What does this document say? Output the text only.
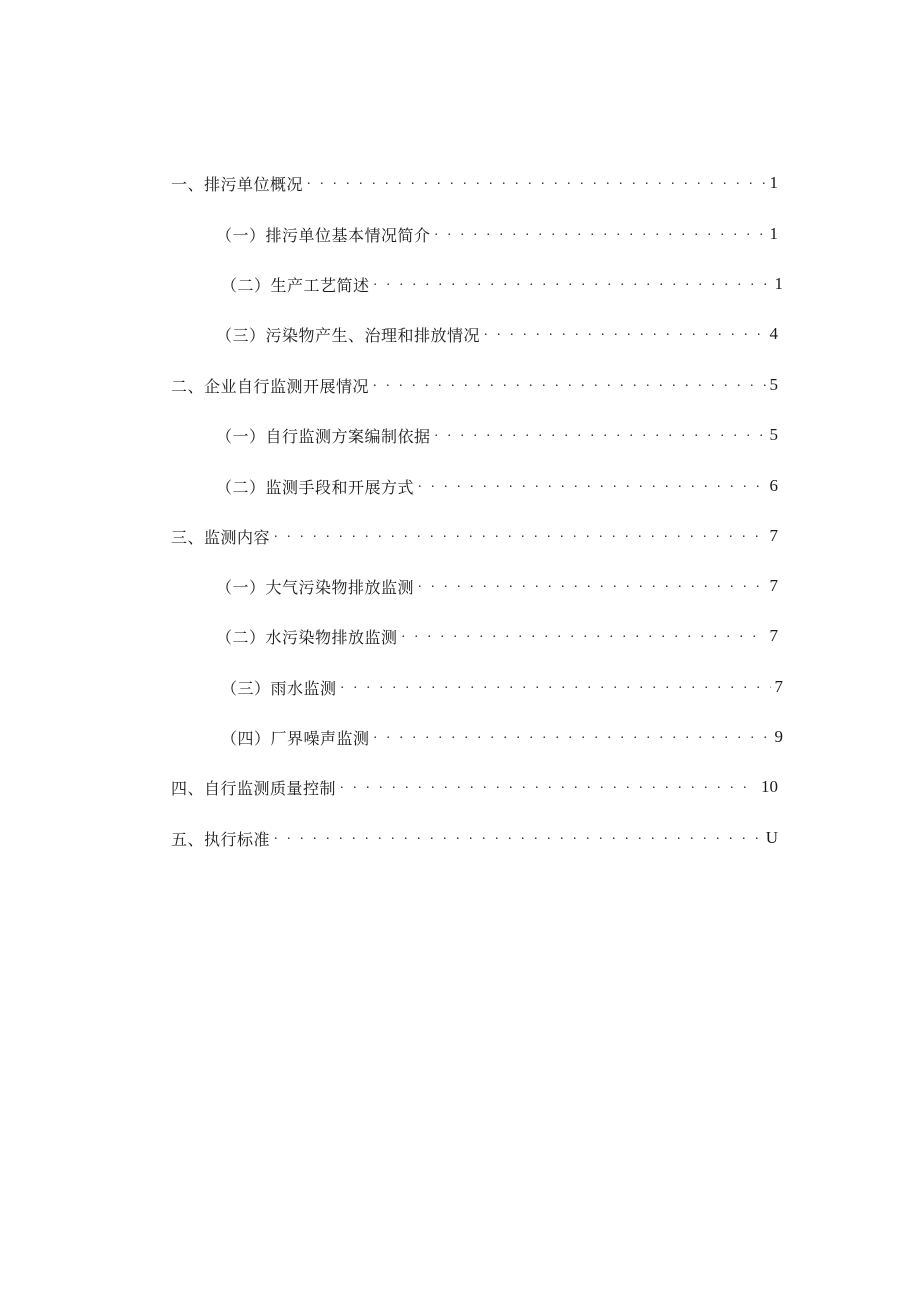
一、排污单位概况 . . .	1
（一）排污单位基本情况简介 . . .	1
（二）生产工艺简述 . . .	1
（三）污染物产生、治理和排放情况 . . .	4
二、企业自行监测开展情况 . . .	5
（一）自行监测方案编制依据 . . .	5
（二）监测手段和开展方式 . . .	6
三、监测内容 . . .	7
（一）大气污染物排放监测 . . .	7
（二）水污染物排放监测 . . .	7
（三）雨水监测 . . .	7
（四）厂界噪声监测 . . .	9
四、自行监测质量控制 . . .	10
五、执行标准 . . .	U
